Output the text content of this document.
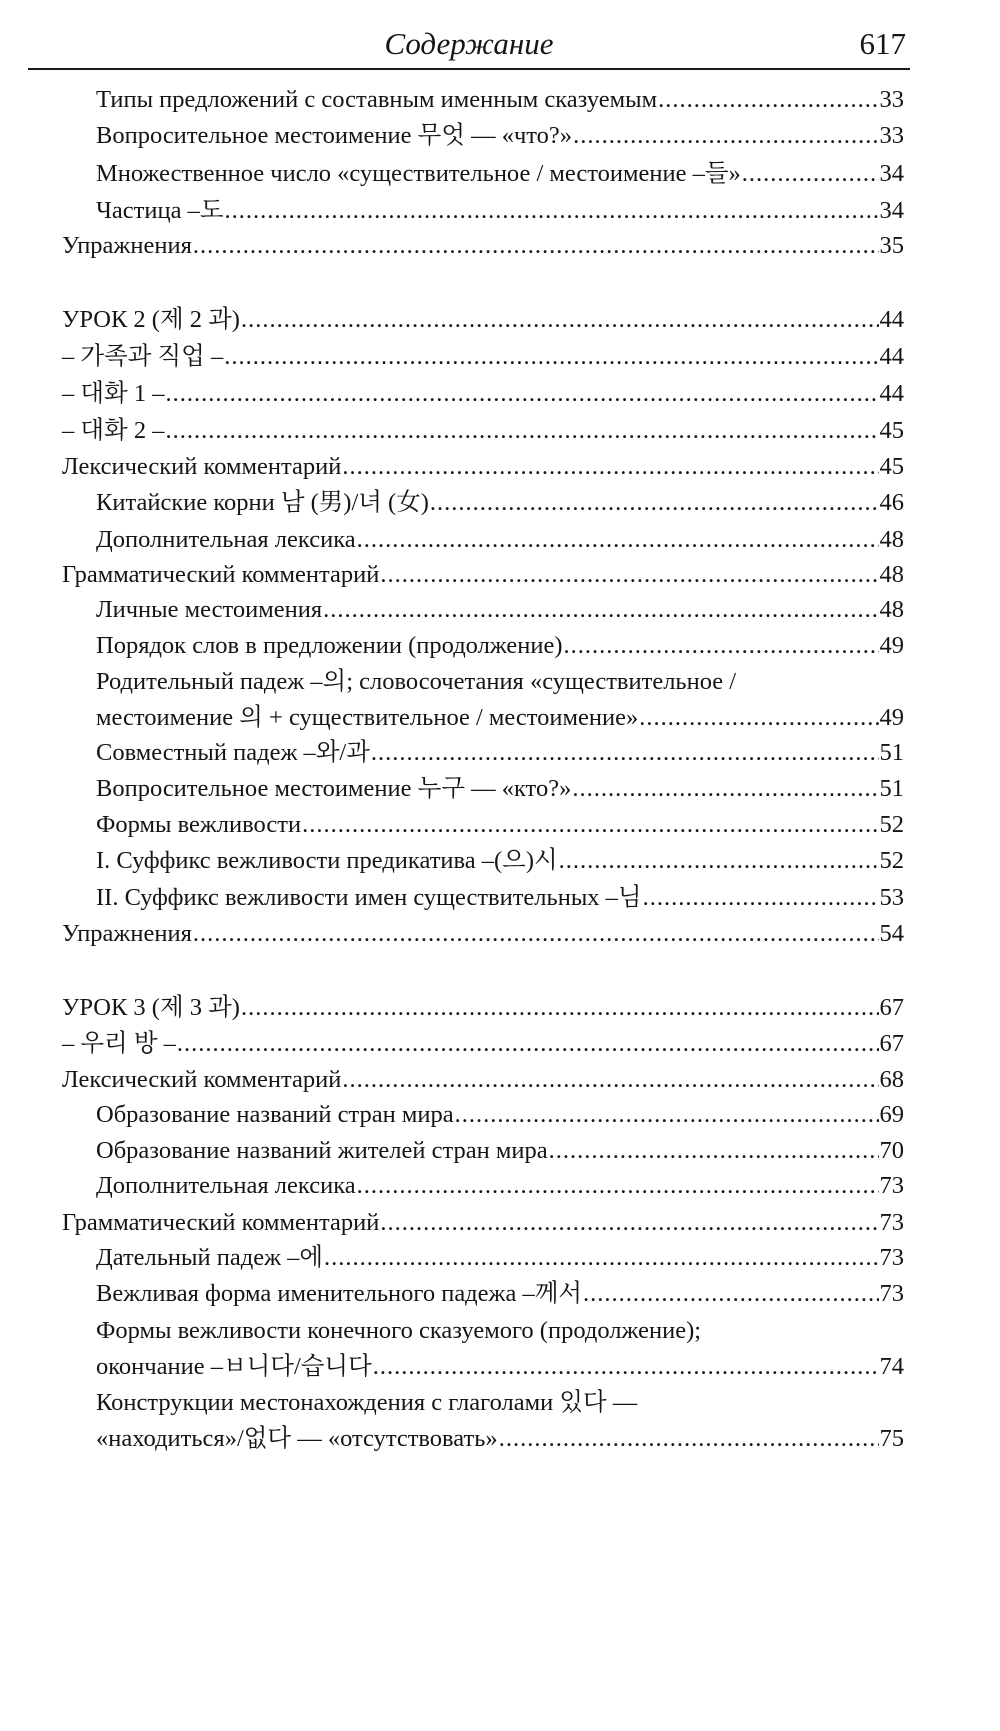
Содержание	617
Типы предложений с составным именным сказуемым .....	33
Вопросительное местоимение 무엇 — «что?» .....	33
Множественное число «существительное / местоимение –들» .....	34
Частица –도 .....	34
Упражнения .....	35
УРОК 2 (제 2 과) .....	44
– 가족과 직업 – .....	44
– 대화 1 – .....	44
– 대화 2 – .....	45
Лексический комментарий .....	45
Китайские корни 남 (男)/녀 (女) .....	46
Дополнительная лексика .....	48
Грамматический комментарий .....	48
Личные местоимения .....	48
Порядок слов в предложении (продолжение) .....	49
Родительный падеж –의; словосочетания «существительное /
местоимение 의 + существительное / местоимение» .....	49
Совместный падеж –와/과 .....	51
Вопросительное местоимение 누구 — «кто?» .....	51
Формы вежливости .....	52
I. Суффикс вежливости предикатива –(으)시 .....	52
II. Суффикс вежливости имен существительных –님 .....	53
Упражнения .....	54
УРОК 3 (제 3 과) .....	67
– 우리 방 – .....	67
Лексический комментарий .....	68
Образование названий стран мира .....	69
Образование названий жителей стран мира .....	70
Дополнительная лексика .....	73
Грамматический комментарий .....	73
Дательный падеж –에 .....	73
Вежливая форма именительного падежа –께서 .....	73
Формы вежливости конечного сказуемого (продолжение);
окончание –ㅂ니다/습니다 .....	74
Конструкции местонахождения с глаголами 있다 —
«находиться»/없다 — «отсутствовать» .....	75
